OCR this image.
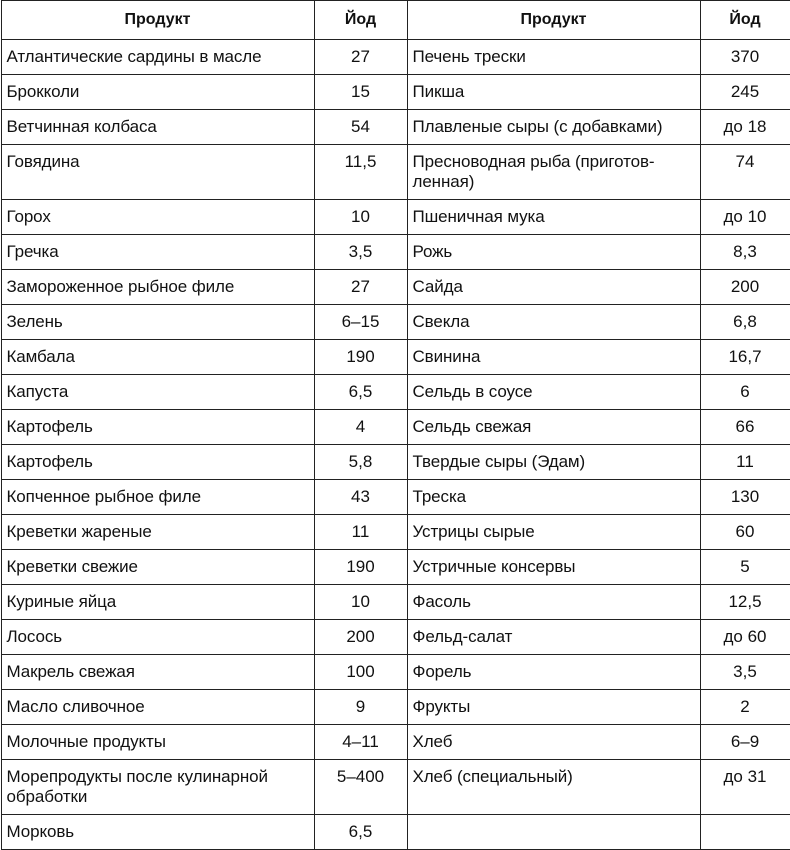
Продукт	Йод	Продукт	Йод
Атлантические сардины в масле	27	Печень трески	370
Брокколи	15	Пикша	245
Ветчинная колбаса	54	Плавленые сыры (с добавками)	до 18
Говядина	11,5	Пресноводная рыба (приготов-ленная)	74
Горох	10	Пшеничная мука	до 10
Гречка	3,5	Рожь	8,3
Замороженное рыбное филе	27	Сайда	200
Зелень	6–15	Свекла	6,8
Камбала	190	Свинина	16,7
Капуста	6,5	Сельдь в соусе	6
Картофель	4	Сельдь свежая	66
Картофель	5,8	Твердые сыры (Эдам)	11
Копченное рыбное филе	43	Треска	130
Креветки жареные	11	Устрицы сырые	60
Креветки свежие	190	Устричные консервы	5
Куриные яйца	10	Фасоль	12,5
Лосось	200	Фельд-салат	до 60
Макрель свежая	100	Форель	3,5
Масло сливочное	9	Фрукты	2
Молочные продукты	4–11	Хлеб	6–9
Морепродукты после кулинарной обработки	5–400	Хлеб (специальный)	до 31
Морковь	6,5		
